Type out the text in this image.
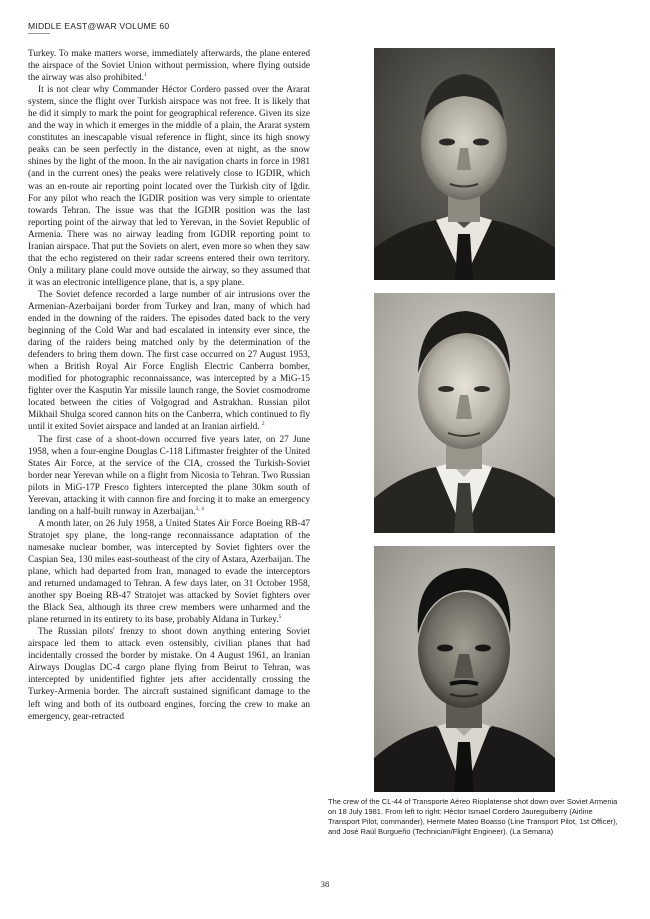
MIDDLE EAST@WAR VOLUME 60

Turkey. To make matters worse, immediately afterwards, the plane entered the airspace of the Soviet Union without permission, where flying outside the airway was also prohibited.$^1$

It is not clear why Commander Héctor Cordero passed over the Ararat system, since the flight over Turkish airspace was not free. It is likely that he did it simply to mark the point for geographical reference. Given its size and the way in which it emerges in the middle of a plain, the Ararat system constitutes an inescapable visual reference in flight, since its high snowy peaks can be seen perfectly in the distance, even at night, as the snow shines by the light of the moon. In the air navigation charts in force in 1981 (and in the current ones) the peaks were relatively close to IGDIR, which was an en-route air reporting point located over the Turkish city of Iğdir. For any pilot who reach the IGDIR position was very simple to orientate towards Tehran. The issue was that the IGDIR position was the last reporting point of the airway that led to Yerevan, in the Soviet Republic of Armenia. There was no airway leading from IGDIR reporting point to Iranian airspace. That put the Soviets on alert, even more so when they saw that the echo registered on their radar screens entered their own territory. Only a military plane could move outside the airway, so they assumed that it was an electronic intelligence plane, that is, a spy plane.

The Soviet defence recorded a large number of air intrusions over the Armenian-Azerbaijani border from Turkey and Iran, many of which had ended in the downing of the raiders. The episodes dated back to the very beginning of the Cold War and had escalated in intensity ever since, the daring of the raiders being matched only by the determination of the defenders to bring them down. The first case occurred on 27 August 1953, when a British Royal Air Force English Electric Canberra bomber, modified for photographic reconnaissance, was intercepted by a MiG-15 fighter over the Kasputin Yar missile launch range, the Soviet cosmodrome located between the cities of Volgograd and Astrakhan. Russian pilot Mikhail Shulga scored cannon hits on the Canberra, which continued to fly until it exited Soviet airspace and landed at an Iranian airfield. $^2$

The first case of a shoot-down occurred five years later, on 27 June 1958, when a four-engine Douglas C-118 Liftmaster freighter of the United States Air Force, at the service of the CIA, crossed the Turkish-Soviet border near Yerevan while on a flight from Nicosia to Tehran. Two Russian pilots in MiG-17P Fresco fighters intercepted the plane 30km south of Yerevan, attacking it with cannon fire and forcing it to make an emergency landing on a half-built runway in Azerbaijan.$^{3, 4}$

A month later, on 26 July 1958, a United States Air Force Boeing RB-47 Stratojet spy plane, the long-range reconnaissance adaptation of the namesake nuclear bomber, was intercepted by Soviet fighters over the Caspian Sea, 130 miles east-southeast of the city of Astara, Azerbaijan. The plane, which had departed from Iran, managed to evade the interceptors and returned undamaged to Tehran. A few days later, on 31 October 1958, another spy Boeing RB-47 Stratojet was attacked by Soviet fighters over the Black Sea, although its three crew members were unharmed and the plane returned in its entirety to its base, probably Aldana in Turkey.$^5$

The Russian pilots' frenzy to shoot down anything entering Soviet airspace led them to attack even ostensibly, civilian planes that had incidentally crossed the border by mistake. On 4 August 1961, an Iranian Airways Douglas DC-4 cargo plane flying from Beirut to Tehran, was intercepted by unidentified fighter jets after accidentally crossing the Turkey-Armenia border. The aircraft sustained significant damage to the left wing and both of its outboard engines, forcing the crew to make an emergency, gear-retracted

The crew of the CL-44 of Transporte Aéreo Rioplatense shot down over Soviet Armenia on 18 July 1981. From left to right: Héctor Ismael Cordero Jaureguiberry (Airline Transport Pilot, commander), Hermete Mateo Boasso (Line Transport Pilot, 1st Officer), and José Raúl Burgueño (Technician/Flight Engineer). (La Semana)
38
